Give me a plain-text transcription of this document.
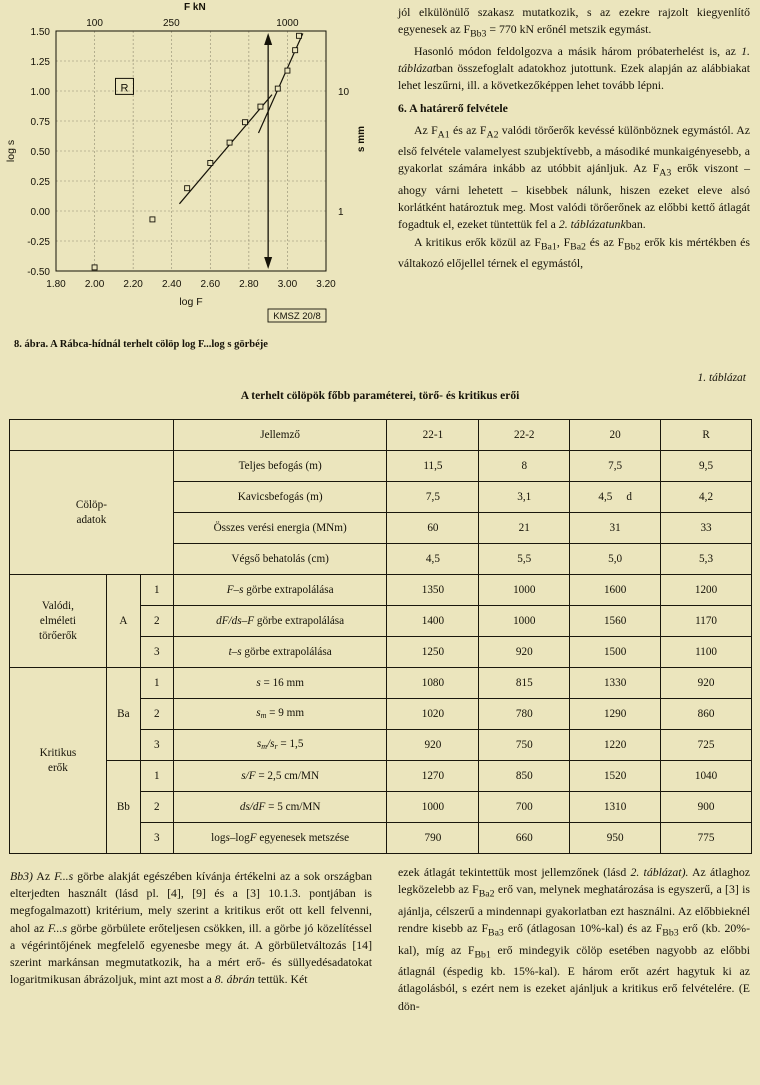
1.80 2.00 2.20 2.40 2.60 2.80 3.00 3.20
1.50
1.25
1.00
0.75
0.50
0.25
0.00
-0.25
-0.50
log F
log s
F kN
100	250	1000
10
1
s mm
R
KMSZ 20/8
8. ábra. A Rábca-hídnál terhelt cölöp log F...log s görbéje

jól elkülönülő szakasz mutatkozik, s az ezekre rajzolt kiegyenlítő egyenesek az $F_{Bb3} = 770$ kN erőnél metszik egymást.

Hasonló módon feldolgozva a másik három próbaterhelést is, az 1. táblázatban összefoglalt adatokhoz jutottunk. Ezek alapján az alábbiakat lehet leszűrni, ill. a következőképpen lehet tovább lépni.

6. A határerő felvétele

Az $F_{A1}$ és az $F_{A2}$ valódi törőerők kevéssé különböznek egymástól. Az első felvétele valamelyest szubjektívebb, a másodiké munkaigényesebb, a gyakorlat számára inkább az utóbbit ajánljuk. Az $F_{A3}$ erők viszont – ahogy várni lehetett – kisebbek nálunk, hiszen ezeket eleve alsó korlátként határoztuk meg. Most valódi törőerőnek az előbbi kettő átlagát fogadtuk el, ezeket tüntettük fel a 2. táblázatunkban.

A kritikus erők közül az $F_{Ba1}$, $F_{Ba2}$ és az $F_{Bb2}$ erők kis mértékben és váltakozó előjellel térnek el egymástól,

1. táblázat
A terhelt cölöpök főbb paraméterei, törő- és kritikus erői
			Jellemző	22-1	22-2	20	R
Cölöp-
adatok			Teljes befogás (m)	11,5	8	7,5	9,5
			Kavicsbefogás (m)	7,5	3,1	4,5     d	4,2
			Összes verési energia (MNm)	60	21	31	33
			Végső behatolás (cm)	4,5	5,5	5,0	5,3
Valódi,
elméleti
törőerők	A	1	F–s görbe extrapolálása	1350	1000	1600	1200
		2	dF/ds–F görbe extrapolálása	1400	1000	1560	1170
		3	t–s görbe extrapolálása	1250	920	1500	1100
Kritikus
erők	Ba	1	s = 16 mm	1080	815	1330	920
		2	$s_m = 9$ mm	1020	780	1290	860
		3	$s_m/s_r = 1,5$	920	750	1220	725
	Bb	1	s/F = 2,5 cm/MN	1270	850	1520	1040
		2	ds/dF = 5 cm/MN	1000	700	1310	900
		3	logs–logF egyenesek metszése	790	660	950	775

Bb3) Az F...s görbe alakját egészében kívánja értékelni az a sok országban elterjedten használt (lásd pl. [4], [9] és a [3] 10.1.3. pontjában is megfogalmazott) kritérium, mely szerint a kritikus erőt ott kell felvenni, ahol az F...s görbe görbülete erőteljesen csökken, ill. a görbe jó közelítéssel a végérintőjének megfelelő egyenesbe megy át. A görbületváltozás [14] szerint markánsan megmutatkozik, ha a mért erő- és süllyedésadatokat logaritmikusan ábrázoljuk, mint azt most a 8. ábrán tettük. Két

ezek átlagát tekintettük most jellemzőnek (lásd 2. táblázat). Az átlaghoz legközelebb az $F_{Ba2}$ erő van, melynek meghatározása is egyszerű, a [3] is ajánlja, célszerű a mindennapi gyakorlatban ezt használni. Az előbbieknél rendre kisebb az $F_{Ba3}$ erő (átlagosan 10%-kal) és az $F_{Bb3}$ erő (kb. 20%-kal), míg az $F_{Bb1}$ erő mindegyik cölöp esetében nagyobb az előbbi átlagnál (éspedig kb. 15%-kal). E három erőt azért hagytuk ki az átlagolásból, s ezért nem is ezeket ajánljuk a kritikus erő felvételére. (E dön-
